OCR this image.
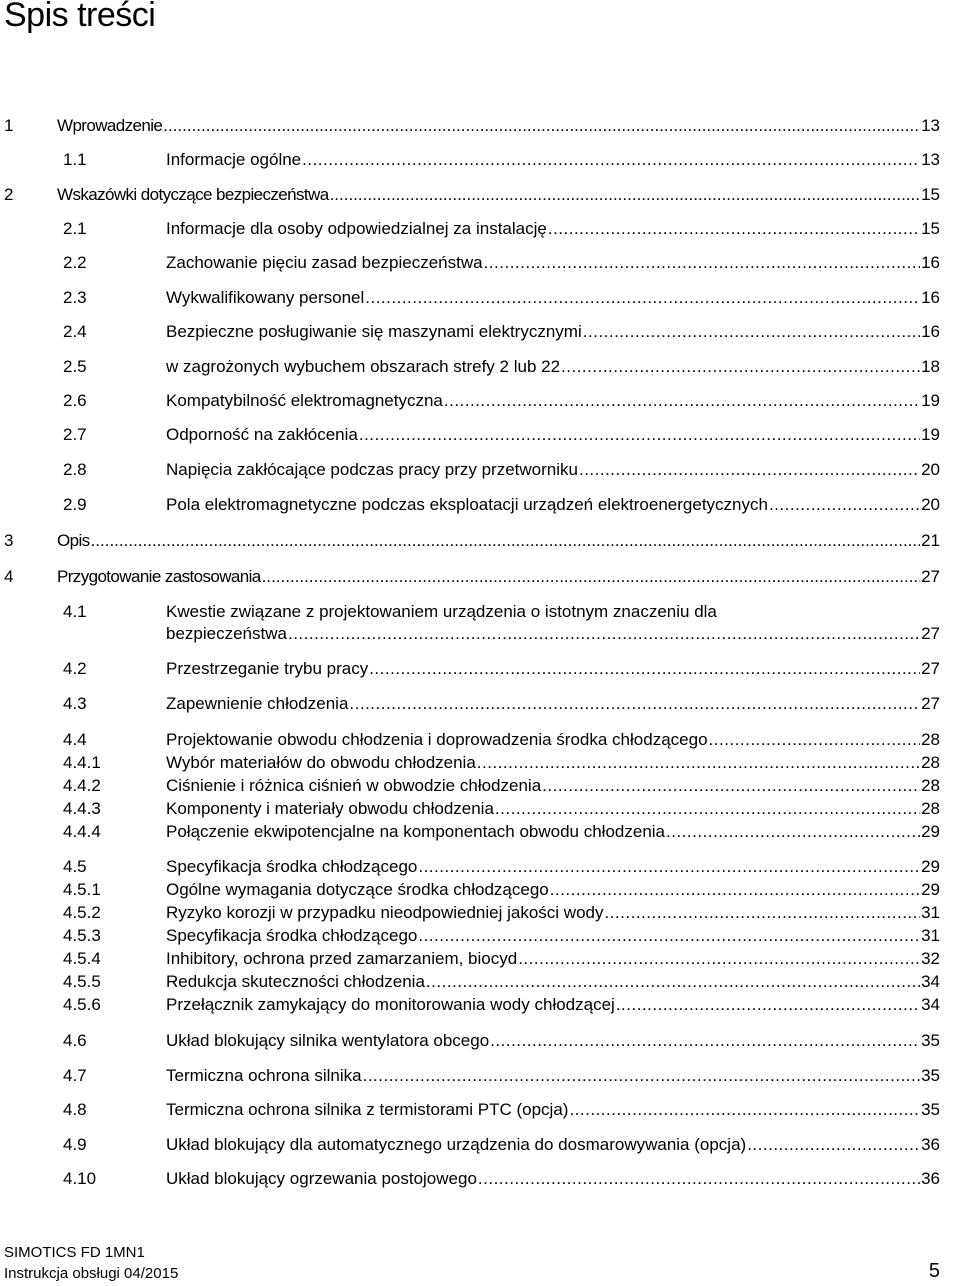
Spis treści
1	Wprowadzenie .....	13
1.1	Informacje ogólne .....	13
2	Wskazówki dotyczące bezpieczeństwa .....	15
2.1	Informacje dla osoby odpowiedzialnej za instalację .....	15
2.2	Zachowanie pięciu zasad bezpieczeństwa .....	16
2.3	Wykwalifikowany personel .....	16
2.4	Bezpieczne posługiwanie się maszynami elektrycznymi .....	16
2.5	w zagrożonych wybuchem obszarach strefy 2 lub 22 .....	18
2.6	Kompatybilność elektromagnetyczna .....	19
2.7	Odporność na zakłócenia .....	19
2.8	Napięcia zakłócające podczas pracy przy przetworniku .....	20
2.9	Pola elektromagnetyczne podczas eksploatacji urządzeń elektroenergetycznych .....	20
3	Opis .....	21
4	Przygotowanie zastosowania .....	27
4.1	Kwestie związane z projektowaniem urządzenia o istotnym znaczeniu dla
bezpieczeństwa .....	27
4.2	Przestrzeganie trybu pracy .....	27
4.3	Zapewnienie chłodzenia .....	27
4.4	Projektowanie obwodu chłodzenia i doprowadzenia środka chłodzącego .....	28
4.4.1	Wybór materiałów do obwodu chłodzenia .....	28
4.4.2	Ciśnienie i różnica ciśnień w obwodzie chłodzenia .....	28
4.4.3	Komponenty i materiały obwodu chłodzenia .....	28
4.4.4	Połączenie ekwipotencjalne na komponentach obwodu chłodzenia .....	29
4.5	Specyfikacja środka chłodzącego .....	29
4.5.1	Ogólne wymagania dotyczące środka chłodzącego .....	29
4.5.2	Ryzyko korozji w przypadku nieodpowiedniej jakości wody .....	31
4.5.3	Specyfikacja środka chłodzącego .....	31
4.5.4	Inhibitory, ochrona przed zamarzaniem, biocyd .....	32
4.5.5	Redukcja skuteczności chłodzenia .....	34
4.5.6	Przełącznik zamykający do monitorowania wody chłodzącej .....	34
4.6	Układ blokujący silnika wentylatora obcego .....	35
4.7	Termiczna ochrona silnika .....	35
4.8	Termiczna ochrona silnika z termistorami PTC (opcja) .....	35
4.9	Układ blokujący dla automatycznego urządzenia do dosmarowywania (opcja) .....	36
4.10	Układ blokujący ogrzewania postojowego .....	36
SIMOTICS FD 1MN1
Instrukcja obsługi 04/2015	5
